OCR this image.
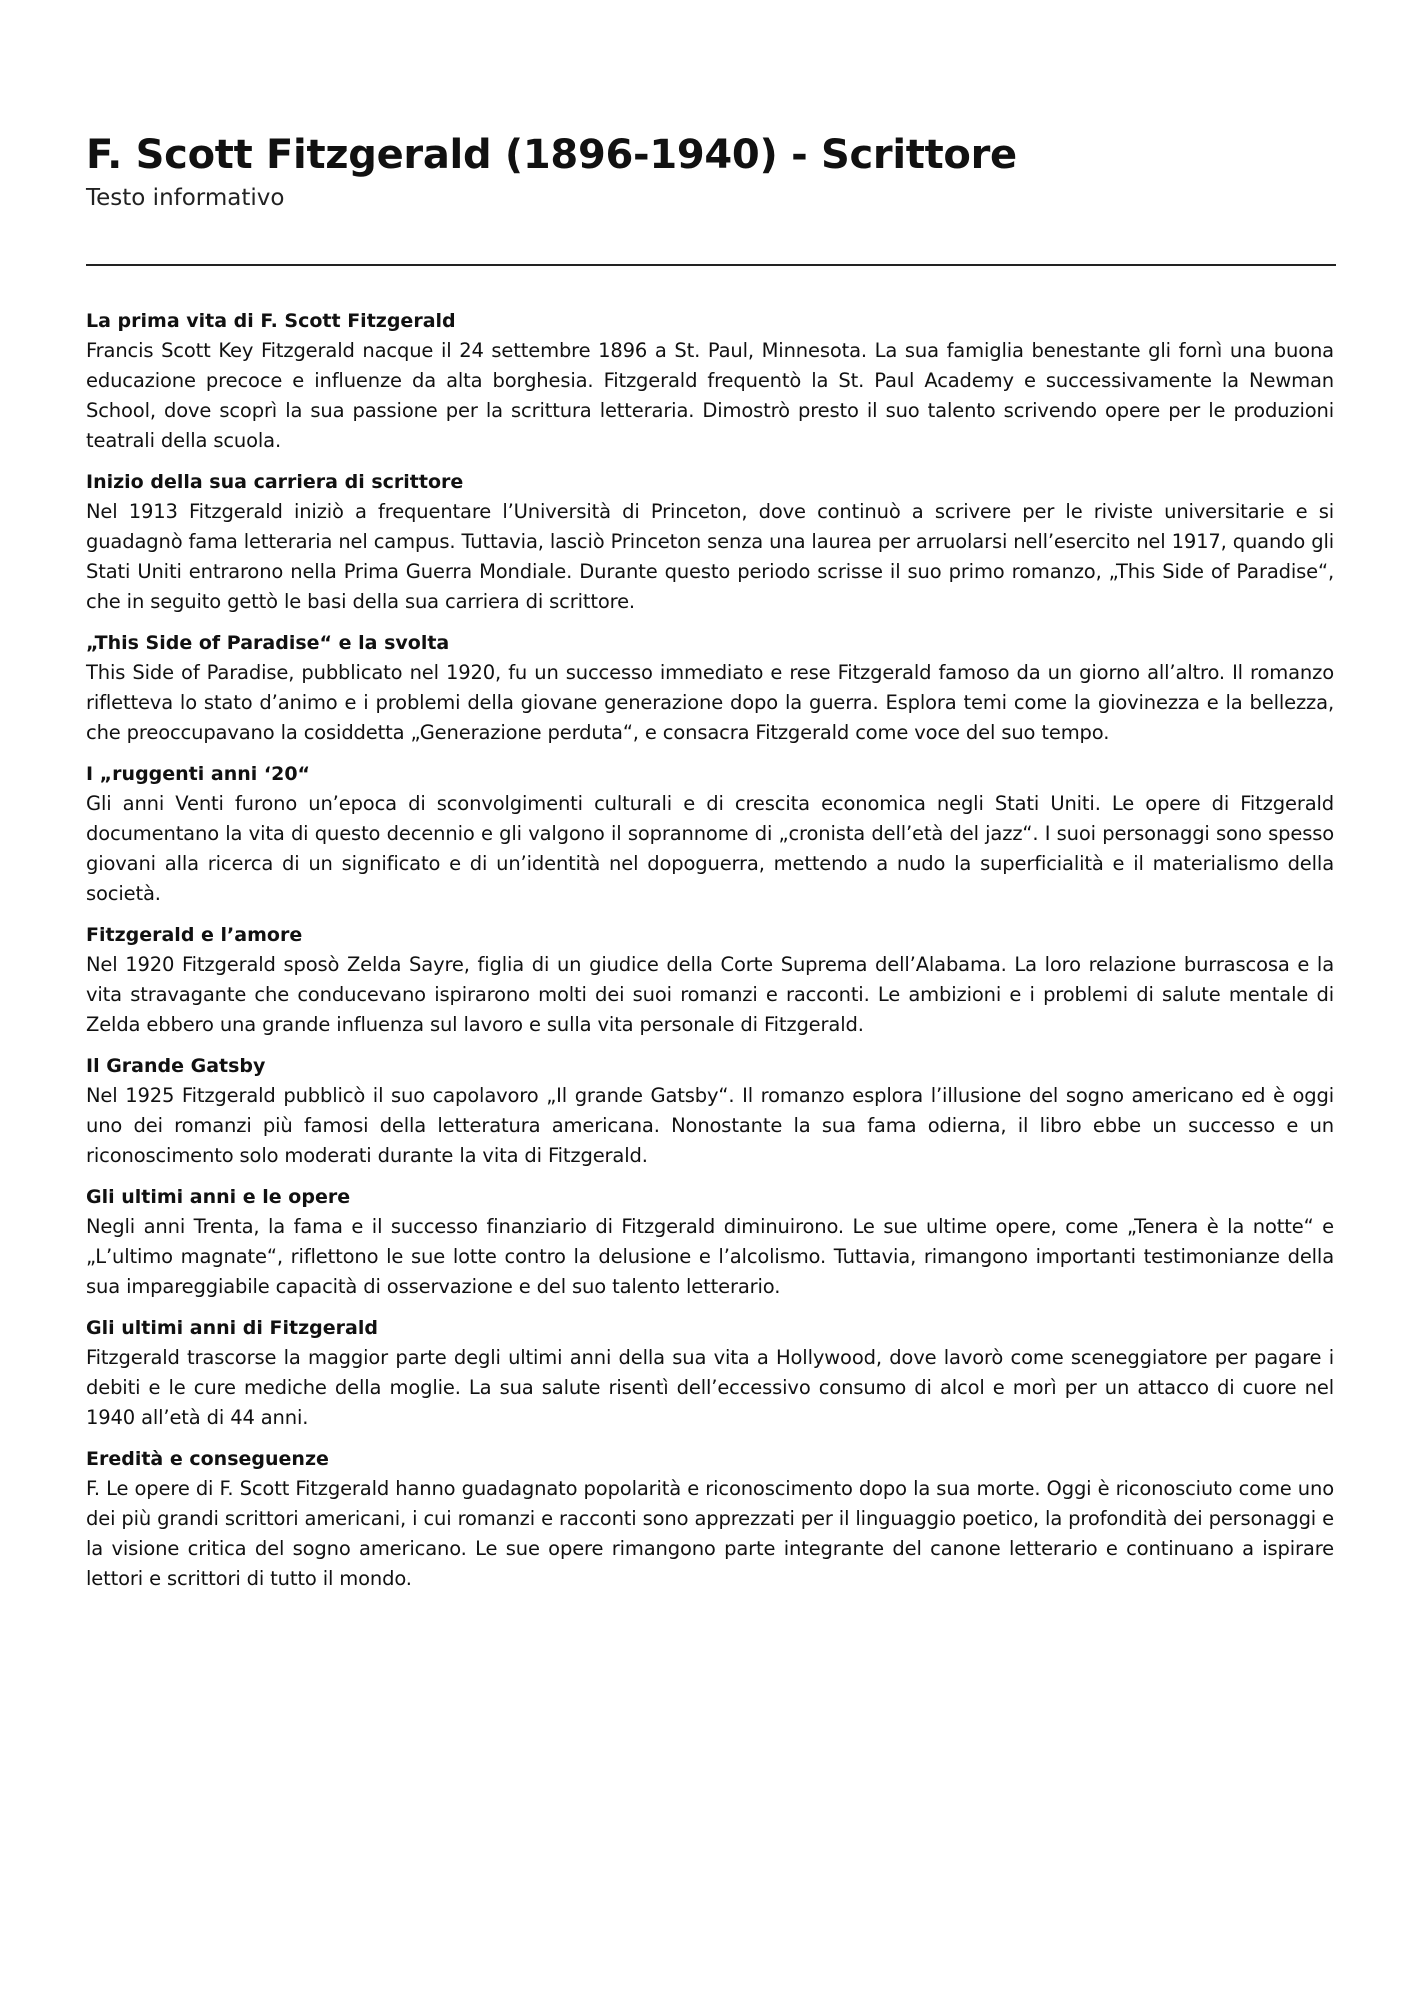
F. Scott Fitzgerald (1896-1940) - Scrittore
Testo informativo
La prima vita di F. Scott Fitzgerald

Francis Scott Key Fitzgerald nacque il 24 settembre 1896 a St. Paul, Minnesota. La sua famiglia benestante gli fornì una buona educazione precoce e influenze da alta borghesia. Fitzgerald frequentò la St. Paul Academy e successivamente la Newman School, dove scoprì la sua passione per la scrittura letteraria. Dimostrò presto il suo talento scrivendo opere per le produzioni teatrali della scuola.

Inizio della sua carriera di scrittore

Nel 1913 Fitzgerald iniziò a frequentare l’Università di Princeton, dove continuò a scrivere per le riviste universitarie e si guadagnò fama letteraria nel campus. Tuttavia, lasciò Princeton senza una laurea per arruolarsi nell’esercito nel 1917, quando gli Stati Uniti entrarono nella Prima Guerra Mondiale. Durante questo periodo scrisse il suo primo romanzo, „This Side of Paradise“, che in seguito gettò le basi della sua carriera di scrittore.

„This Side of Paradise“ e la svolta

This Side of Paradise, pubblicato nel 1920, fu un successo immediato e rese Fitzgerald famoso da un giorno all’altro. Il romanzo rifletteva lo stato d’animo e i problemi della giovane generazione dopo la guerra. Esplora temi come la giovinezza e la bellezza, che preoccupavano la cosiddetta „Generazione perduta“, e consacra Fitzgerald come voce del suo tempo.

I „ruggenti anni ‘20“

Gli anni Venti furono un’epoca di sconvolgimenti culturali e di crescita economica negli Stati Uniti. Le opere di Fitzgerald documentano la vita di questo decennio e gli valgono il soprannome di „cronista dell’età del jazz“. I suoi personaggi sono spesso giovani alla ricerca di un significato e di un’identità nel dopoguerra, mettendo a nudo la superficialità e il materialismo della società.

Fitzgerald e l’amore

Nel 1920 Fitzgerald sposò Zelda Sayre, figlia di un giudice della Corte Suprema dell’Alabama. La loro relazione burrascosa e la vita stravagante che conducevano ispirarono molti dei suoi romanzi e racconti. Le ambizioni e i problemi di salute mentale di Zelda ebbero una grande influenza sul lavoro e sulla vita personale di Fitzgerald.

Il Grande Gatsby

Nel 1925 Fitzgerald pubblicò il suo capolavoro „Il grande Gatsby“. Il romanzo esplora l’illusione del sogno americano ed è oggi uno dei romanzi più famosi della letteratura americana. Nonostante la sua fama odierna, il libro ebbe un successo e un riconoscimento solo moderati durante la vita di Fitzgerald.

Gli ultimi anni e le opere

Negli anni Trenta, la fama e il successo finanziario di Fitzgerald diminuirono. Le sue ultime opere, come „Tenera è la notte“ e „L’ultimo magnate“, riflettono le sue lotte contro la delusione e l’alcolismo. Tuttavia, rimangono importanti testimonianze della sua impareggiabile capacità di osservazione e del suo talento letterario.

Gli ultimi anni di Fitzgerald

Fitzgerald trascorse la maggior parte degli ultimi anni della sua vita a Hollywood, dove lavorò come sceneggiatore per pagare i debiti e le cure mediche della moglie. La sua salute risentì dell’eccessivo consumo di alcol e morì per un attacco di cuore nel 1940 all’età di 44 anni.

Eredità e conseguenze

F. Le opere di F. Scott Fitzgerald hanno guadagnato popolarità e riconoscimento dopo la sua morte. Oggi è riconosciuto come uno dei più grandi scrittori americani, i cui romanzi e racconti sono apprezzati per il linguaggio poetico, la profondità dei personaggi e la visione critica del sogno americano. Le sue opere rimangono parte integrante del canone letterario e continuano a ispirare lettori e scrittori di tutto il mondo.
